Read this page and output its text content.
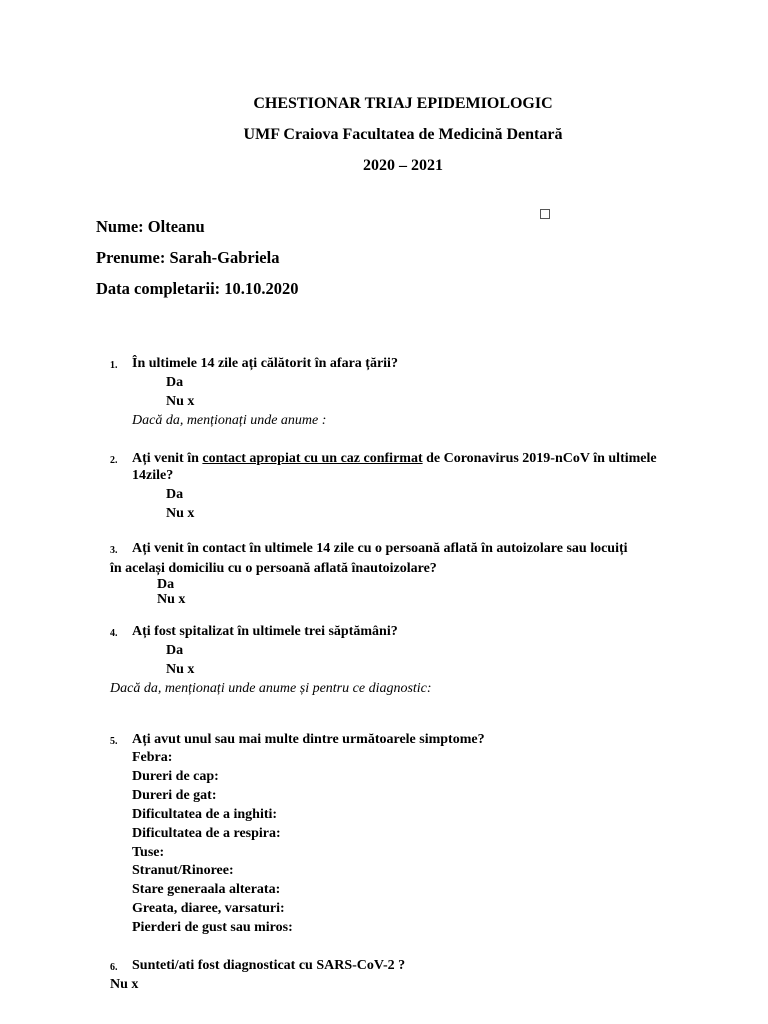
CHESTIONAR TRIAJ EPIDEMIOLOGIC
UMF Craiova Facultatea de Medicină Dentară
2020 – 2021
Nume: Olteanu
Prenume: Sarah-Gabriela
Data completarii: 10.10.2020
1. În ultimele 14 zile ați călătorit în afara țării?
Da
Nu x
Dacă da, menționați unde anume :
2. Ați venit în contact apropiat cu un caz confirmat de Coronavirus 2019-nCoV în ultimele
14zile?
Da
Nu x
3. Ați venit în contact în ultimele 14 zile cu o persoană aflată în autoizolare sau locuiți
în același domiciliu cu o persoană aflată înautoizolare?
Da
Nu x
4. Ați fost spitalizat în ultimele trei săptămâni?
Da
Nu x
Dacă da, menționați unde anume și pentru ce diagnostic:
5. Ați avut unul sau mai multe dintre următoarele simptome?
Febra:
Dureri de cap:
Dureri de gat:
Dificultatea de a inghiti:
Dificultatea de a respira:
Tuse:
Stranut/Rinoree:
Stare generaala alterata:
Greata, diaree, varsaturi:
Pierderi de gust sau miros:
6. Sunteti/ati fost diagnosticat cu SARS-CoV-2 ?
Nu x
